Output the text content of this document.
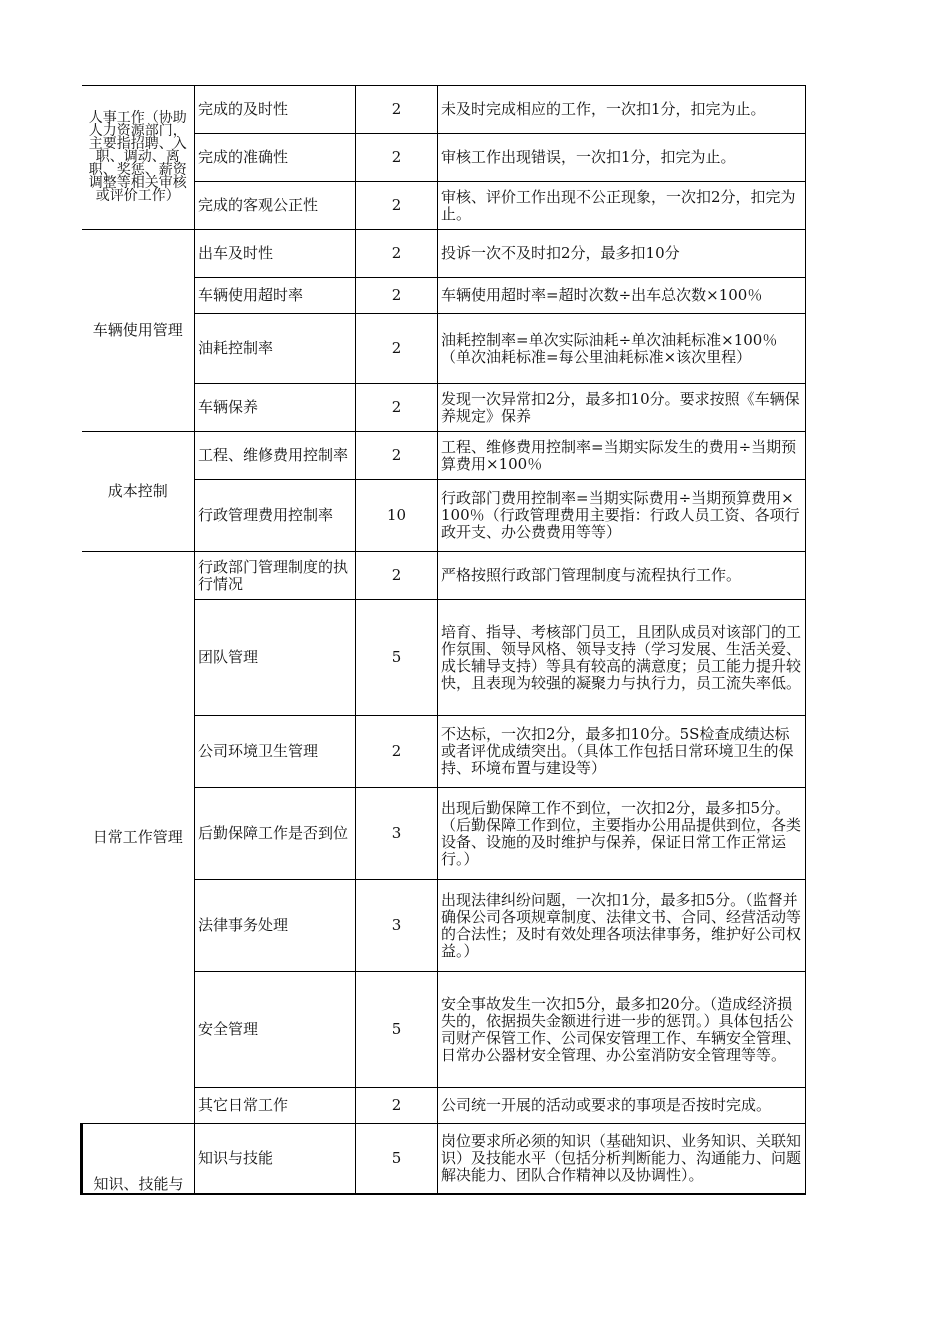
人事工作（协助人力资源部门，主要指招聘、入职、调动、离职、奖惩、薪资调整等相关审核或评价工作）	完成的及时性	2	未及时完成相应的工作，一次扣1分，扣完为止。
	完成的准确性	2	审核工作出现错误，一次扣1分，扣完为止。
	完成的客观公正性	2	审核、评价工作出现不公正现象，一次扣2分，扣完为止。
车辆使用管理	出车及时性	2	投诉一次不及时扣2分，最多扣10分
	车辆使用超时率	2	车辆使用超时率=超时次数÷出车总次数×100％
	油耗控制率	2	油耗控制率=单次实际油耗÷单次油耗标准×100％（单次油耗标准=每公里油耗标准×该次里程）
	车辆保养	2	发现一次异常扣2分，最多扣10分。要求按照《车辆保养规定》保养
成本控制	工程、维修费用控制率	2	工程、维修费用控制率=当期实际发生的费用÷当期预算费用×100％
	行政管理费用控制率	10	行政部门费用控制率=当期实际费用÷当期预算费用×100％（行政管理费用主要指：行政人员工资、各项行政开支、办公费费用等等）
日常工作管理	行政部门管理制度的执行情况	2	严格按照行政部门管理制度与流程执行工作。
	团队管理	5	培育、指导、考核部门员工，且团队成员对该部门的工作氛围、领导风格、领导支持（学习发展、生活关爱、成长辅导支持）等具有较高的满意度；员工能力提升较快，且表现为较强的凝聚力与执行力，员工流失率低。
	公司环境卫生管理	2	不达标，一次扣2分，最多扣10分。5S检查成绩达标或者评优成绩突出。（具体工作包括日常环境卫生的保持、环境布置与建设等）
	后勤保障工作是否到位	3	出现后勤保障工作不到位，一次扣2分，最多扣5分。（后勤保障工作到位，主要指办公用品提供到位，各类设备、设施的及时维护与保养，保证日常工作正常运行。）
	法律事务处理	3	出现法律纠纷问题，一次扣1分，最多扣5分。（监督并确保公司各项规章制度、法律文书、合同、经营活动等的合法性；及时有效处理各项法律事务，维护好公司权益。）
	安全管理	5	安全事故发生一次扣5分，最多扣20分。（造成经济损失的，依据损失金额进行进一步的惩罚。）具体包括公司财产保管工作、公司保安管理工作、车辆安全管理、日常办公器材安全管理、办公室消防安全管理等等。
	其它日常工作	2	公司统一开展的活动或要求的事项是否按时完成。
知识、技能与	知识与技能	5	岗位要求所必须的知识（基础知识、业务知识、关联知识）及技能水平（包括分析判断能力、沟通能力、问题解决能力、团队合作精神以及协调性）。
